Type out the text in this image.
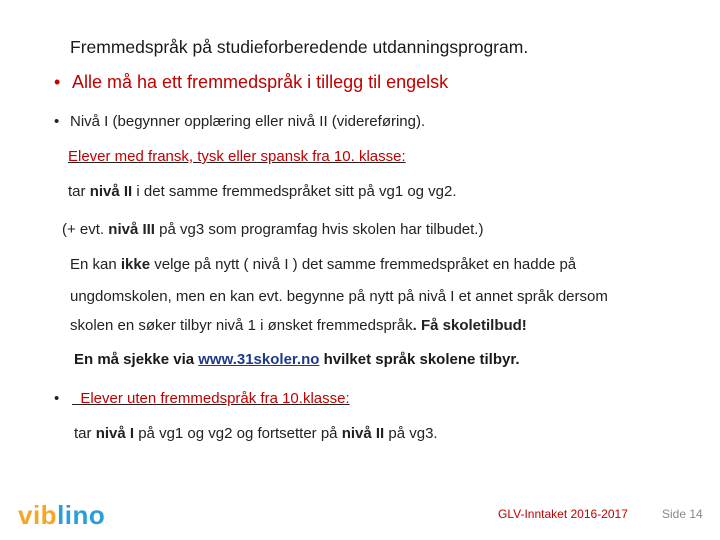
Fremmedspråk på studieforberedende utdanningsprogram.
• Alle må ha ett fremmedspråk i tillegg til engelsk
• Nivå I (begynner opplæring eller nivå II (videreføring).
Elever med fransk, tysk eller spansk fra 10. klasse:
tar nivå II i det samme fremmedspråket sitt på vg1 og vg2.
(+ evt. nivå III på vg3 som programfag hvis skolen har tilbudet.)
En kan ikke velge på nytt ( nivå I ) det samme fremmedspråket en hadde på
ungdomskolen, men en kan evt. begynne på nytt på nivå I et annet språk dersom
skolen en søker tilbyr nivå 1 i ønsket fremmedspråk. Få skoletilbud!
En må sjekke via www.31skoler.no hvilket språk skolene tilbyr.
•	Elever uten fremmedspråk fra 10.klasse:
tar nivå I på vg1 og vg2 og fortsetter på nivå II på vg3.
viblino	GLV-Inntaket 2016-2017	Side 14
